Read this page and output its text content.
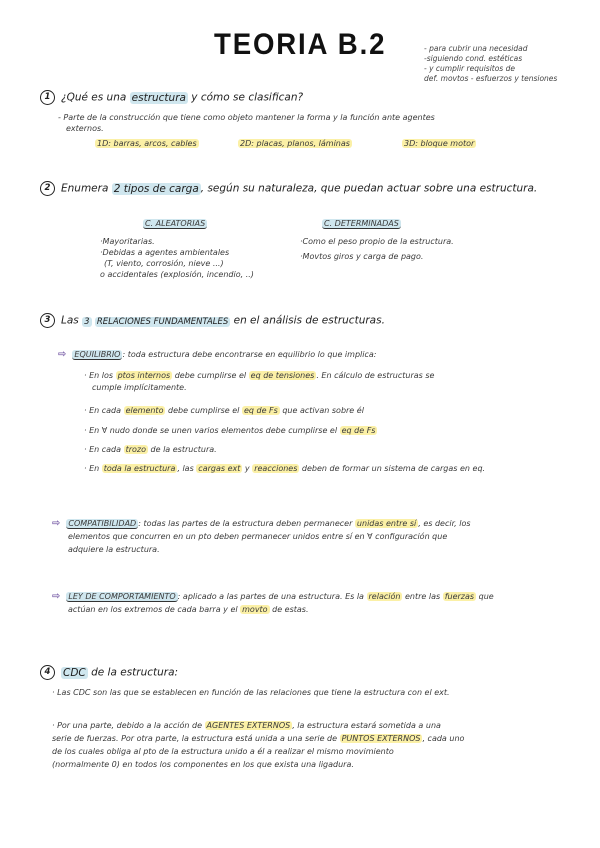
TEORIA B.2	- para cubrir una necesidad
-siguiendo cond. estéticas
- y cumplir requisitos de
def. movtos - esfuerzos y tensiones
1 ¿Qué es una estructura y cómo se clasifican?
- Parte de la construcción que tiene como objeto mantener la forma y la función ante agentes
externos.
1D: barras, arcos, cables	2D: placas, planos, láminas	3D: bloque motor
2 Enumera 2 tipos de carga , según su naturaleza, que puedan actuar sobre una estructura.
C. ALEATORIAS
·Mayoritarias.
·Debidas a agentes ambientales
(T, viento, corrosión, nieve ...)
o accidentales (explosión, incendio, ..)
C. DETERMINADAS
·Como el peso propio de la estructura.
·Movtos giros y carga de pago.
3 Las 3 RELACIONES FUNDAMENTALES en el análisis de estructuras.
⇨ EQUILIBRIO : toda estructura debe encontrarse en equilibrio lo que implica:
· En los ptos internos debe cumplirse el eq de tensiones . En cálculo de estructuras se
cumple implícitamente.
· En cada elemento debe cumplirse el eq de Fs que activan sobre él
· En ∀ nudo donde se unen varios elementos debe cumplirse el eq de Fs
· En cada trozo de la estructura.
· En toda la estructura , las cargas ext y reacciones deben de formar un sistema de cargas en eq.
⇨ COMPATIBILIDAD : todas las partes de la estructura deben permanecer unidas entre sí , es decir, los
elementos que concurren en un pto deben permanecer unidos entre sí en ∀ configuración que
adquiere la estructura.
⇨ LEY DE COMPORTAMIENTO : aplicado a las partes de una estructura. Es la relación entre las fuerzas que
actúan en los extremos de cada barra y el movto de estas.
4 CDC de la estructura:
· Las CDC son las que se establecen en función de las relaciones que tiene la estructura con el ext.
· Por una parte, debido a la acción de AGENTES EXTERNOS , la estructura estará sometida a una
serie de fuerzas. Por otra parte, la estructura está unida a una serie de PUNTOS EXTERNOS , cada uno
de los cuales obliga al pto de la estructura unido a él a realizar el mismo movimiento
(normalmente 0) en todos los componentes en los que exista una ligadura.
